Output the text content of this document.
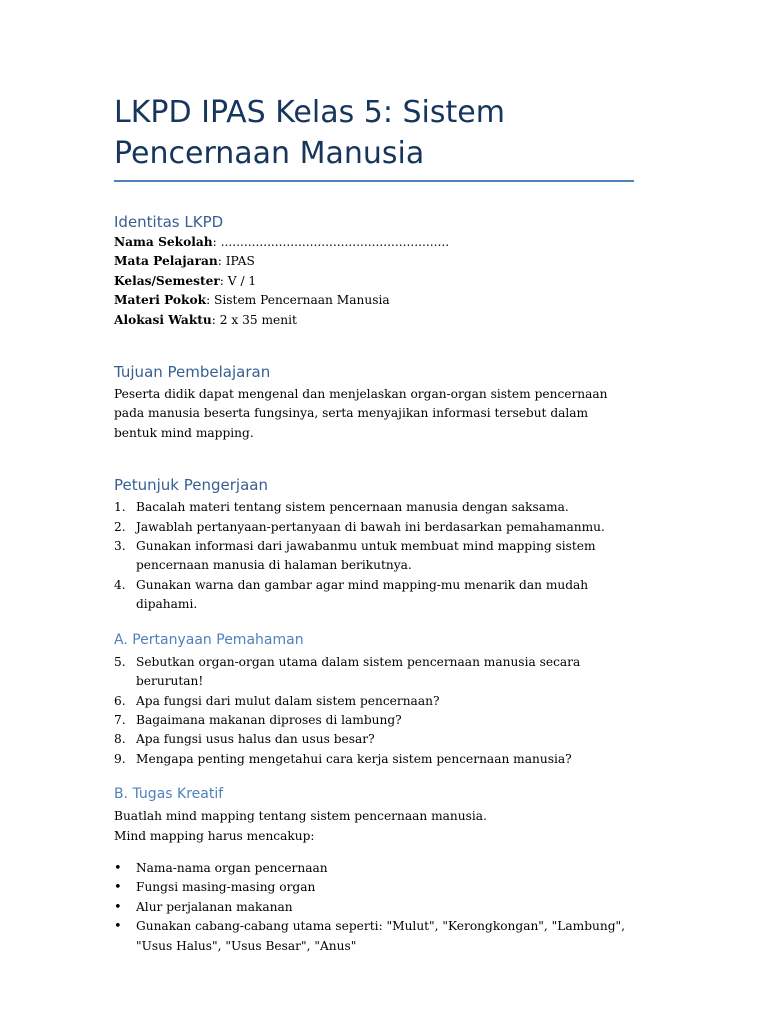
LKPD IPAS Kelas 5: Sistem Pencernaan Manusia
Identitas LKPD

Nama Sekolah: ...........................................................

Mata Pelajaran: IPAS

Kelas/Semester: V / 1

Materi Pokok: Sistem Pencernaan Manusia

Alokasi Waktu: 2 x 35 menit

Tujuan Pembelajaran

Peserta didik dapat mengenal dan menjelaskan organ-organ sistem pencernaan pada manusia beserta fungsinya, serta menyajikan informasi tersebut dalam bentuk mind mapping.

Petunjuk Pengerjaan
1. Bacalah materi tentang sistem pencernaan manusia dengan saksama.
2. Jawablah pertanyaan-pertanyaan di bawah ini berdasarkan pemahamanmu.
3. Gunakan informasi dari jawabanmu untuk membuat mind mapping sistem pencernaan manusia di halaman berikutnya.
4. Gunakan warna dan gambar agar mind mapping-mu menarik dan mudah dipahami.
A. Pertanyaan Pemahaman
5. Sebutkan organ-organ utama dalam sistem pencernaan manusia secara berurutan!
6. Apa fungsi dari mulut dalam sistem pencernaan?
7. Bagaimana makanan diproses di lambung?
8. Apa fungsi usus halus dan usus besar?
9. Mengapa penting mengetahui cara kerja sistem pencernaan manusia?
B. Tugas Kreatif

Buatlah mind mapping tentang sistem pencernaan manusia.

Mind mapping harus mencakup:

• Nama-nama organ pencernaan
• Fungsi masing-masing organ
• Alur perjalanan makanan
• Gunakan cabang-cabang utama seperti: "Mulut", "Kerongkongan", "Lambung", "Usus Halus", "Usus Besar", "Anus"
